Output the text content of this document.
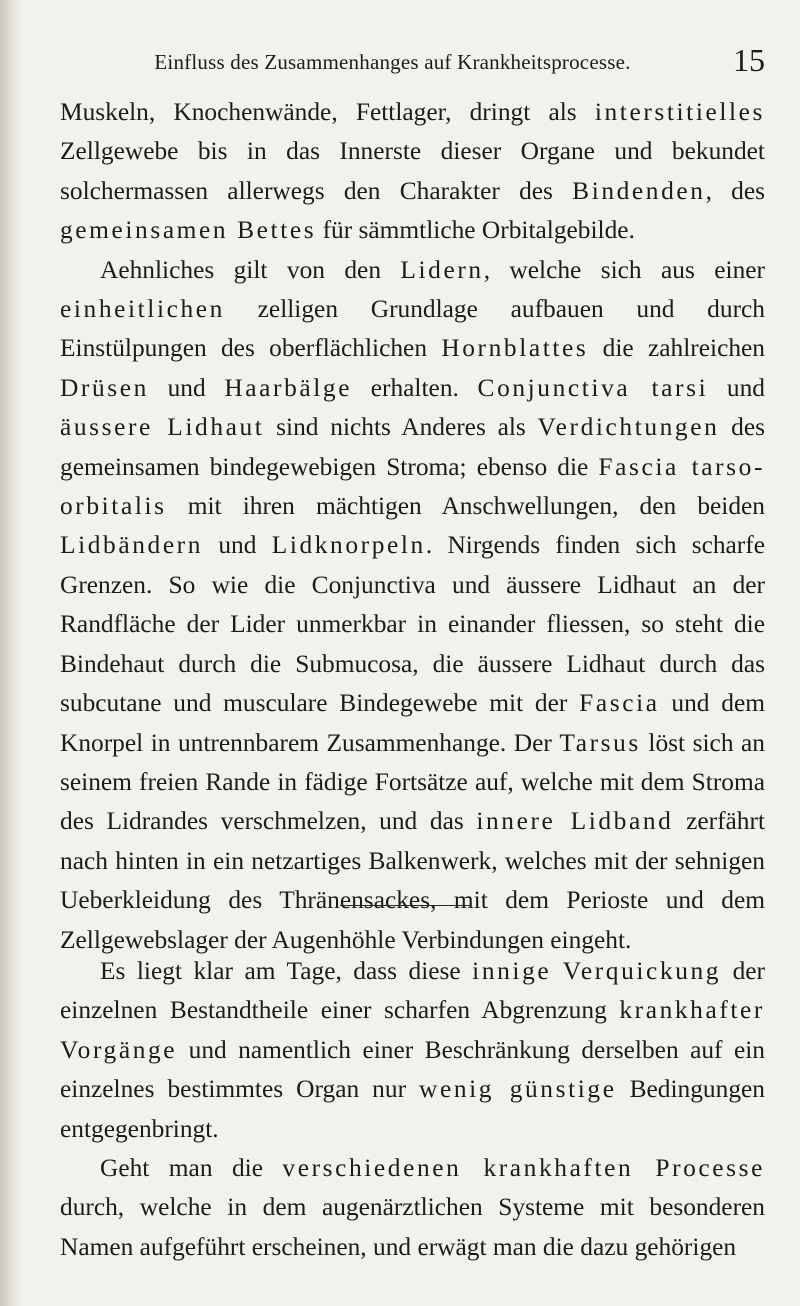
Einfluss des Zusammenhanges auf Krankheitsprocesse.	15

Muskeln, Knochenwände, Fettlager, dringt als interstitielles Zellgewebe bis in das Innerste dieser Organe und bekundet solchermassen allerwegs den Charakter des Bindenden, des gemeinsamen Bettes für sämmtliche Orbitalgebilde.

Aehnliches gilt von den Lidern, welche sich aus einer einheitlichen zelligen Grundlage aufbauen und durch Einstülpungen des oberflächlichen Hornblattes die zahlreichen Drüsen und Haarbälge erhalten. Conjunctiva tarsi und äussere Lidhaut sind nichts Anderes als Verdichtungen des gemeinsamen bindegewebigen Stroma; ebenso die Fascia tarso-orbitalis mit ihren mächtigen Anschwellungen, den beiden Lidbändern und Lidknorpeln. Nirgends finden sich scharfe Grenzen. So wie die Conjunctiva und äussere Lidhaut an der Randfläche der Lider unmerkbar in einander fliessen, so steht die Bindehaut durch die Submucosa, die äussere Lidhaut durch das subcutane und musculare Bindegewebe mit der Fascia und dem Knorpel in untrennbarem Zusammenhange. Der Tarsus löst sich an seinem freien Rande in fädige Fortsätze auf, welche mit dem Stroma des Lidrandes verschmelzen, und das innere Lidband zerfährt nach hinten in ein netzartiges Balkenwerk, welches mit der sehnigen Ueberkleidung des Thränensackes, mit dem Perioste und dem Zellgewebslager der Augenhöhle Verbindungen eingeht.

Es liegt klar am Tage, dass diese innige Verquickung der einzelnen Bestandtheile einer scharfen Abgrenzung krankhafter Vorgänge und namentlich einer Beschränkung derselben auf ein einzelnes bestimmtes Organ nur wenig günstige Bedingungen entgegenbringt.

Geht man die verschiedenen krankhaften Processe durch, welche in dem augenärztlichen Systeme mit besonderen Namen aufgeführt erscheinen, und erwägt man die dazu gehörigen
